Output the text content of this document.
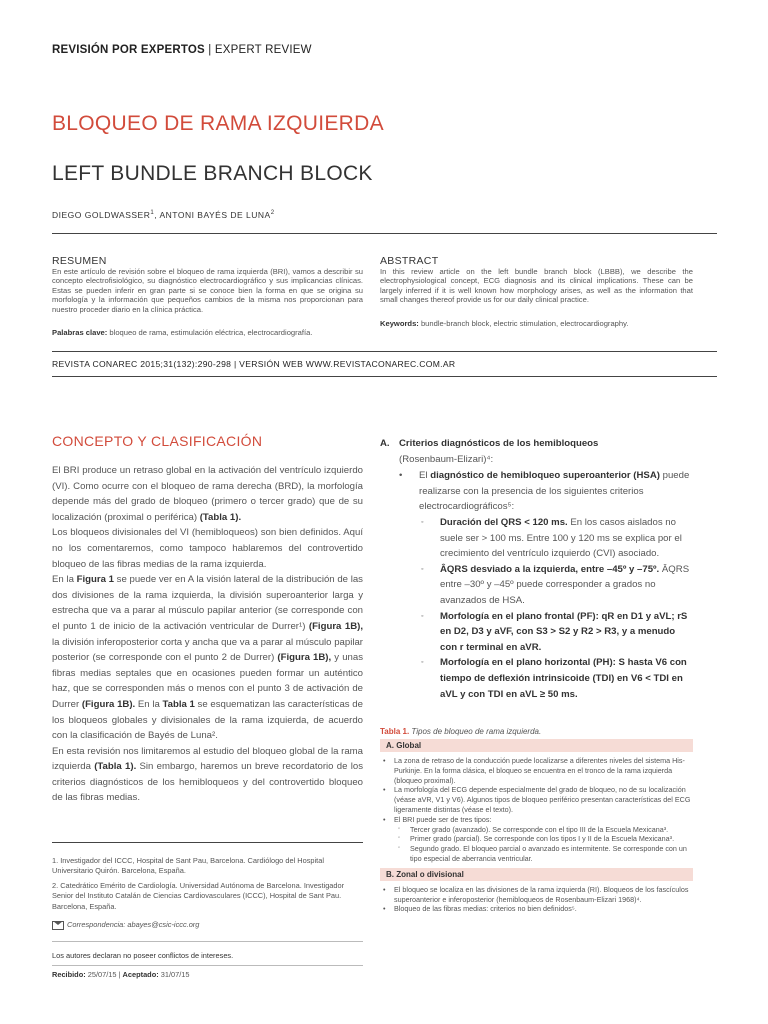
REVISIÓN POR EXPERTOS | EXPERT REVIEW
BLOQUEO DE RAMA IZQUIERDA
LEFT BUNDLE BRANCH BLOCK
DIEGO GOLDWASSER$^1$, ANTONI BAYÉS DE LUNA$^2$
RESUMEN
En este artículo de revisión sobre el bloqueo de rama izquierda (BRI), vamos a describir su concepto electrofisiológico, su diagnóstico electrocardiográfico y sus implicancias clínicas. Estas se pueden inferir en gran parte si se conoce bien la forma en que se origina su morfología y la información que pequeños cambios de la misma nos proporcionan para nuestro proceder diario en la clínica práctica.
Palabras clave: bloqueo de rama, estimulación eléctrica, electrocardiografía.
ABSTRACT
In this review article on the left bundle branch block (LBBB), we describe the electrophysiological concept, ECG diagnosis and its clinical implications. These can be largely inferred if it is well known how morphology arises, as well as the information that small changes thereof provide us for our daily clinical practice.
Keywords: bundle-branch block, electric stimulation, electrocardiography.
REVISTA CONAREC 2015;31(132):290-298 | VERSIÓN WEB WWW.REVISTACONAREC.COM.AR
CONCEPTO Y CLASIFICACIÓN
El BRI produce un retraso global en la activación del ventrículo izquierdo (VI). Como ocurre con el bloqueo de rama derecha (BRD), la morfología depende más del grado de bloqueo (primero o tercer grado) que de su localización (proximal o periférica) (Tabla 1).
Los bloqueos divisionales del VI (hemibloqueos) son bien definidos. Aquí no los comentaremos, como tampoco hablaremos del controvertido bloqueo de las fibras medias de la rama izquierda.
En la Figura 1 se puede ver en A la visión lateral de la distribución de las dos divisiones de la rama izquierda, la división superoanterior larga y estrecha que va a parar al músculo papilar anterior (se corresponde con el punto 1 de inicio de la activación ventricular de Durrer¹) (Figura 1B), la división inferoposterior corta y ancha que va a parar al músculo papilar posterior (se corresponde con el punto 2 de Durrer) (Figura 1B), y unas fibras medias septales que en ocasiones pueden formar un auténtico haz, que se corresponden más o menos con el punto 3 de activación de Durrer (Figura 1B). En la Tabla 1 se esquematizan las características de los bloqueos globales y divisionales de la rama izquierda, de acuerdo con la clasificación de Bayés de Luna².
En esta revisión nos limitaremos al estudio del bloqueo global de la rama izquierda (Tabla 1). Sin embargo, haremos un breve recordatorio de los criterios diagnósticos de los hemibloqueos y del controvertido bloqueo de las fibras medias.
1. Investigador del ICCC, Hospital de Sant Pau, Barcelona. Cardiólogo del Hospital Universitario Quirón. Barcelona, España.
2. Catedrático Emérito de Cardiología. Universidad Autónoma de Barcelona. Investigador Senior del Instituto Catalán de Ciencias Cardiovasculares (ICCC), Hospital de Sant Pau. Barcelona, España.
Correspondencia: abayes@csic-iccc.org
Los autores declaran no poseer conflictos de intereses.
Recibido: 25/07/15 | Aceptado: 31/07/15
A. Criterios diagnósticos de los hemibloqueos
(Rosenbaum-Elizari)⁴:
•	El diagnóstico de hemibloqueo superoanterior (HSA) puede realizarse con la presencia de los siguientes criterios electrocardiográficos⁵:
◦ Duración del QRS < 120 ms. En los casos aislados no suele ser > 100 ms. Entre 100 y 120 ms se explica por el crecimiento del ventrículo izquierdo (CVI) asociado.
◦ ÂQRS desviado a la izquierda, entre –45º y –75º. ÂQRS entre –30º y –45º puede corresponder a grados no avanzados de HSA.
◦ Morfología en el plano frontal (PF): qR en D1 y aVL; rS en D2, D3 y aVF, con S3 > S2 y R2 > R3, y a menudo con r terminal en aVR.
◦ Morfología en el plano horizontal (PH): S hasta V6 con tiempo de deflexión intrinsicoide (TDI) en V6 < TDI en aVL y con TDI en aVL ≥ 50 ms.
Tabla 1. Tipos de bloqueo de rama izquierda.
A. Global
• La zona de retraso de la conducción puede localizarse a diferentes niveles del sistema His-Purkinje. En la forma clásica, el bloqueo se encuentra en el tronco de la rama izquierda (bloqueo proximal).
• La morfología del ECG depende especialmente del grado de bloqueo, no de su localización (véase aVR, V1 y V6). Algunos tipos de bloqueo periférico presentan características del ECG ligeramente distintas (véase el texto).
• El BRI puede ser de tres tipos:
◦ Tercer grado (avanzado). Se corresponde con el tipo III de la Escuela Mexicana³.
◦ Primer grado (parcial). Se corresponde con los tipos I y II de la Escuela Mexicana³.
◦ Segundo grado. El bloqueo parcial o avanzado es intermitente. Se corresponde con un tipo especial de aberrancia ventricular.
B. Zonal o divisional
• El bloqueo se localiza en las divisiones de la rama izquierda (RI). Bloqueos de los fascículos superoanterior e inferoposterior (hemibloqueos de Rosenbaum-Elizari 1968)⁴.
• Bloqueo de las fibras medias: criterios no bien definidos⁵.
